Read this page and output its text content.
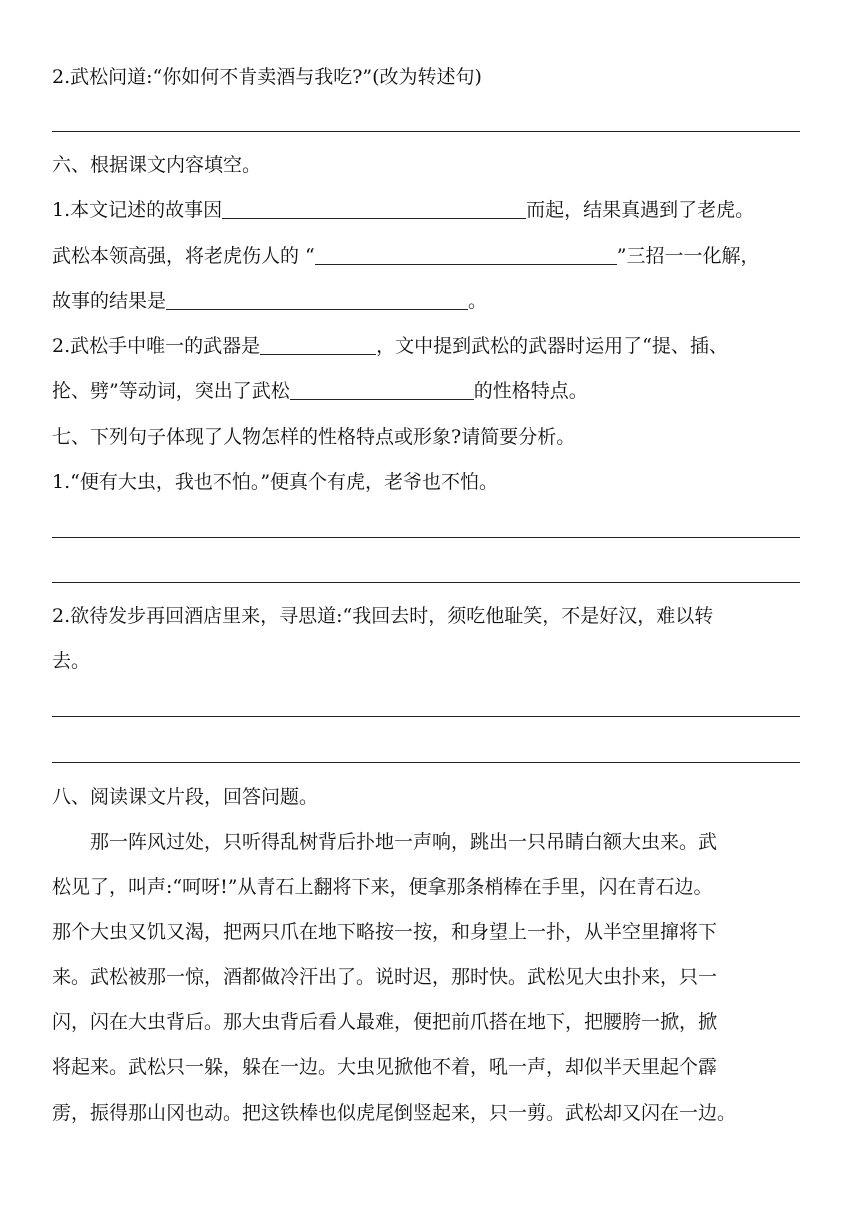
2.武松问道:“你如何不肯卖酒与我吃?”(改为转述句)
六、根据课文内容填空。
1.本文记述的故事因	而起，结果真遇到了老虎。
武松本领高强，将老虎伤人的 “	”三招一一化解，
故事的结果是	。
2.武松手中唯一的武器是	，文中提到武松的武器时运用了“提、插、
抡、劈”等动词，突出了武松	的性格特点。
七、下列句子体现了人物怎样的性格特点或形象?请简要分析。
1.“便有大虫，我也不怕。”便真个有虎，老爷也不怕。
2.欲待发步再回酒店里来，寻思道:“我回去时，须吃他耻笑，不是好汉，难以转
去。
八、阅读课文片段，回答问题。
那一阵风过处，只听得乱树背后扑地一声响，跳出一只吊睛白额大虫来。武
松见了，叫声:“呵呀!”从青石上翻将下来，便拿那条梢棒在手里，闪在青石边。
那个大虫又饥又渴，把两只爪在地下略按一按，和身望上一扑，从半空里撺将下
来。武松被那一惊，酒都做冷汗出了。说时迟，那时快。武松见大虫扑来，只一
闪，闪在大虫背后。那大虫背后看人最难，便把前爪搭在地下，把腰胯一掀，掀
将起来。武松只一躲，躲在一边。大虫见掀他不着，吼一声，却似半天里起个霹
雳，振得那山冈也动。把这铁棒也似虎尾倒竖起来，只一剪。武松却又闪在一边。
